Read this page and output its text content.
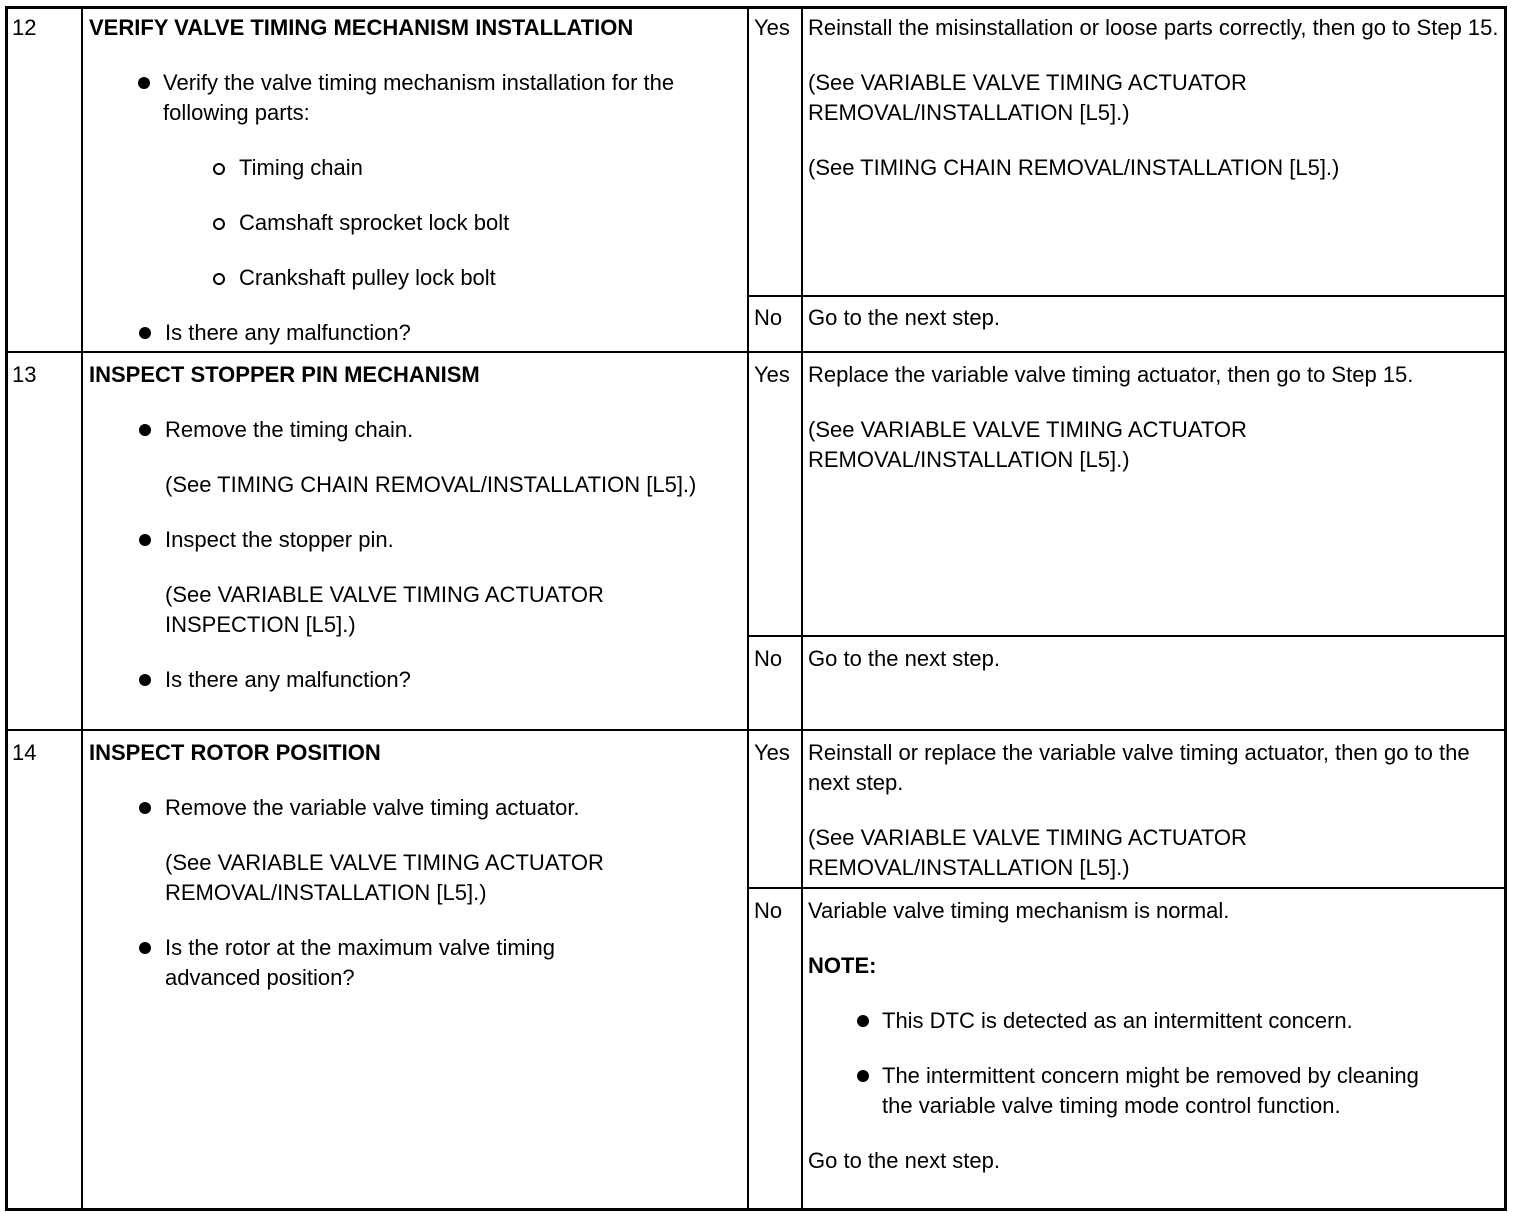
12 VERIFY VALVE TIMING MECHANISM INSTALLATION

Verify the valve timing mechanism installation for the following parts:

Timing chain

Camshaft sprocket lock bolt

Crankshaft pulley lock bolt

Is there any malfunction?

Yes Reinstall the misinstallation or loose parts correctly, then go to Step 15.

(See VARIABLE VALVE TIMING ACTUATOR REMOVAL/INSTALLATION [L5].)

(See TIMING CHAIN REMOVAL/INSTALLATION [L5].)

No Go to the next step.

13 INSPECT STOPPER PIN MECHANISM

Remove the timing chain.

(See TIMING CHAIN REMOVAL/INSTALLATION [L5].)

Inspect the stopper pin.

(See VARIABLE VALVE TIMING ACTUATOR INSPECTION [L5].)

Is there any malfunction?

Yes Replace the variable valve timing actuator, then go to Step 15.

(See VARIABLE VALVE TIMING ACTUATOR REMOVAL/INSTALLATION [L5].)

No Go to the next step.

14 INSPECT ROTOR POSITION

Remove the variable valve timing actuator.

(See VARIABLE VALVE TIMING ACTUATOR REMOVAL/INSTALLATION [L5].)

Is the rotor at the maximum valve timing advanced position?

Yes Reinstall or replace the variable valve timing actuator, then go to the next step.

(See VARIABLE VALVE TIMING ACTUATOR REMOVAL/INSTALLATION [L5].)

No Variable valve timing mechanism is normal.

NOTE:

This DTC is detected as an intermittent concern.

The intermittent concern might be removed by cleaning the variable valve timing mode control function.

Go to the next step.
